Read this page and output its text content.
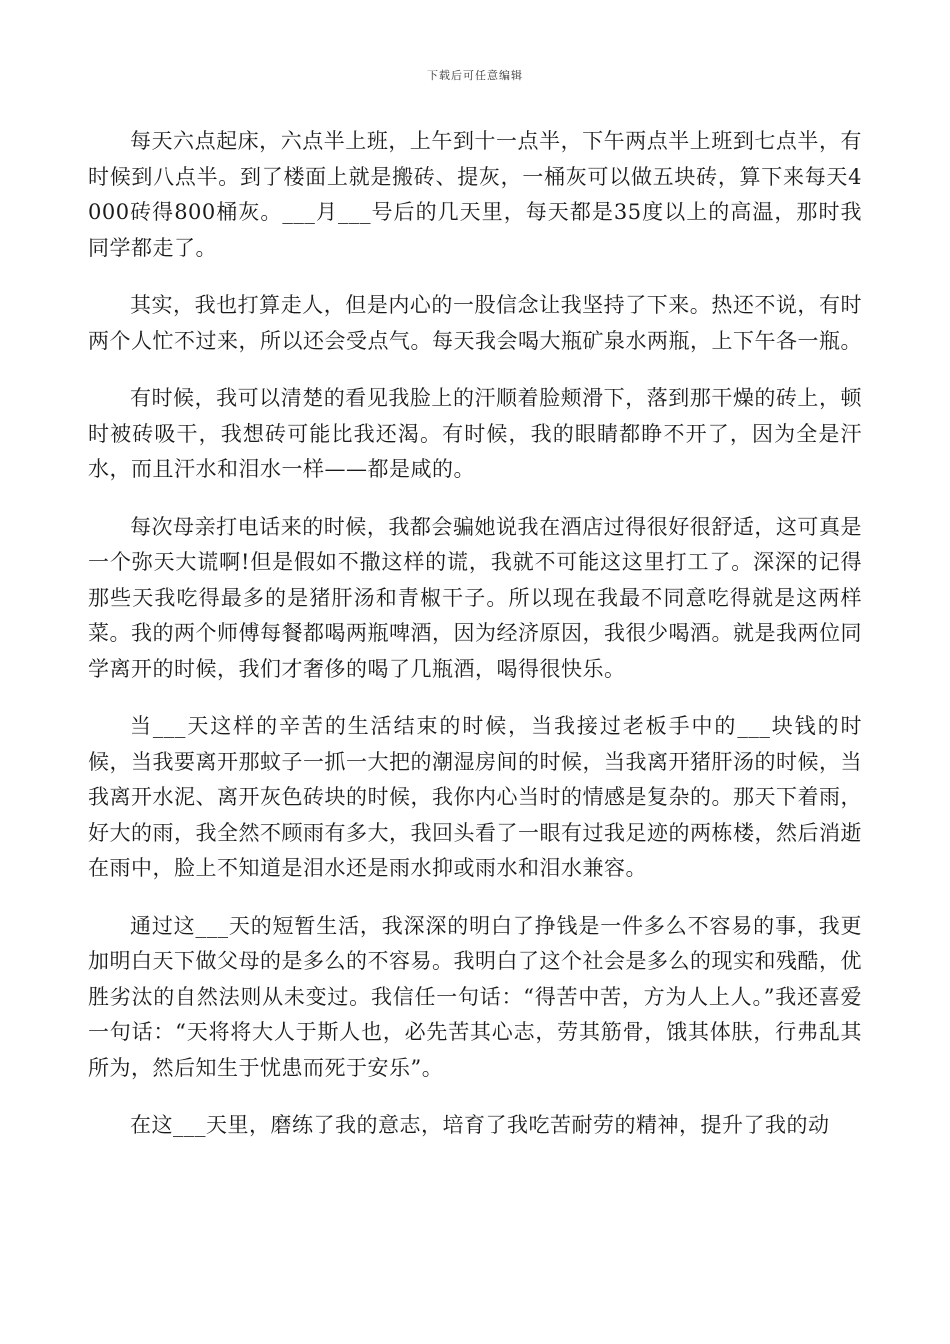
下载后可任意编辑

每天六点起床，六点半上班，上午到十一点半，下午两点半上班到七点半，有时候到八点半。到了楼面上就是搬砖、提灰，一桶灰可以做五块砖，算下来每天4000砖得800桶灰。___月___号后的几天里，每天都是35度以上的高温，那时我同学都走了。

其实，我也打算走人，但是内心的一股信念让我坚持了下来。热还不说，有时两个人忙不过来，所以还会受点气。每天我会喝大瓶矿泉水两瓶，上下午各一瓶。

有时候，我可以清楚的看见我脸上的汗顺着脸颊滑下，落到那干燥的砖上，顿时被砖吸干，我想砖可能比我还渴。有时候，我的眼睛都睁不开了，因为全是汗水，而且汗水和泪水一样——都是咸的。

每次母亲打电话来的时候，我都会骗她说我在酒店过得很好很舒适，这可真是一个弥天大谎啊!但是假如不撒这样的谎，我就不可能这这里打工了。深深的记得那些天我吃得最多的是猪肝汤和青椒干子。所以现在我最不同意吃得就是这两样菜。我的两个师傅每餐都喝两瓶啤酒，因为经济原因，我很少喝酒。就是我两位同学离开的时候，我们才奢侈的喝了几瓶酒，喝得很快乐。

当___天这样的辛苦的生活结束的时候，当我接过老板手中的___块钱的时候，当我要离开那蚊子一抓一大把的潮湿房间的时候，当我离开猪肝汤的时候，当我离开水泥、离开灰色砖块的时候，我你内心当时的情感是复杂的。那天下着雨，好大的雨，我全然不顾雨有多大，我回头看了一眼有过我足迹的两栋楼，然后消逝在雨中，脸上不知道是泪水还是雨水抑或雨水和泪水兼容。

通过这___天的短暂生活，我深深的明白了挣钱是一件多么不容易的事，我更加明白天下做父母的是多么的不容易。我明白了这个社会是多么的现实和残酷，优胜劣汰的自然法则从未变过。我信任一句话：“得苦中苦，方为人上人。”我还喜爱一句话：“天将将大人于斯人也，必先苦其心志，劳其筋骨，饿其体肤，行弗乱其所为，然后知生于忧患而死于安乐”。

在这___天里，磨练了我的意志，培育了我吃苦耐劳的精神，提升了我的动
